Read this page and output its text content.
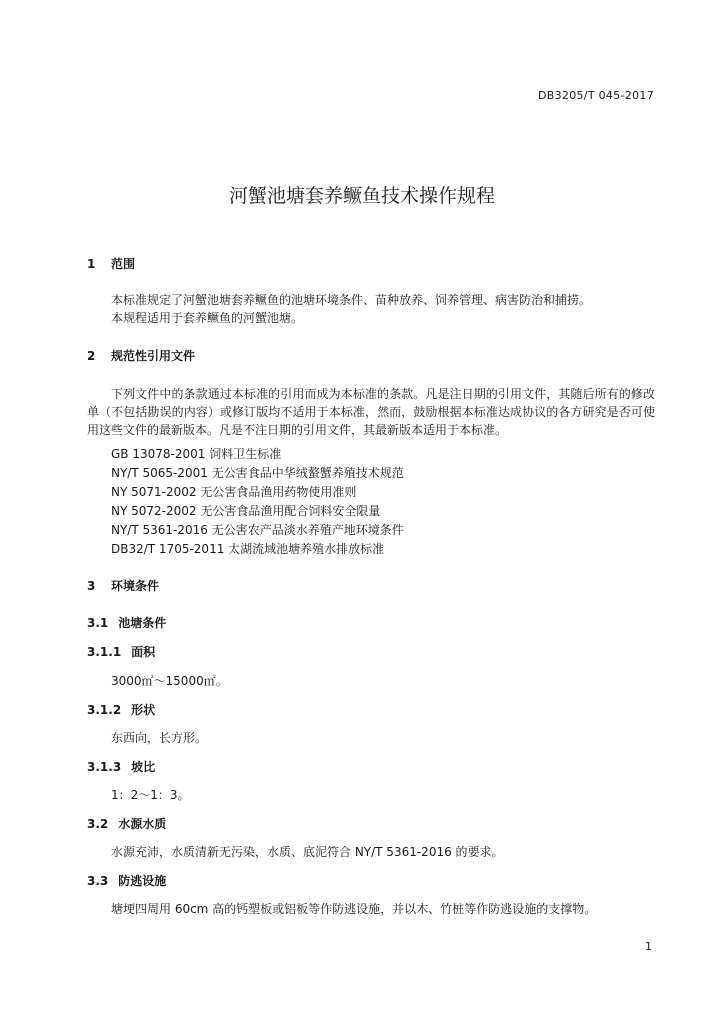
DB3205/T 045-2017
河蟹池塘套养鳜鱼技术操作规程
1 范围
本标准规定了河蟹池塘套养鳜鱼的池塘环境条件、苗种放养、饲养管理、病害防治和捕捞。
本规程适用于套养鳜鱼的河蟹池塘。
2 规范性引用文件
下列文件中的条款通过本标准的引用而成为本标准的条款。凡是注日期的引用文件，其随后所有的修改单（不包括勘误的内容）或修订版均不适用于本标准，然而，鼓励根据本标准达成协议的各方研究是否可使用这些文件的最新版本。凡是不注日期的引用文件，其最新版本适用于本标准。
GB 13078-2001 饲料卫生标准
NY/T 5065-2001 无公害食品中华绒螯蟹养殖技术规范
NY 5071-2002 无公害食品渔用药物使用准则
NY 5072-2002 无公害食品渔用配合饲料安全限量
NY/T 5361-2016 无公害农产品淡水养殖产地环境条件
DB32/T 1705-2011 太湖流域池塘养殖水排放标准
3 环境条件
3.1 池塘条件
3.1.1 面积
3000㎡～15000㎡。
3.1.2 形状
东西向，长方形。
3.1.3 坡比
1：2～1：3。
3.2 水源水质
水源充沛，水质清新无污染，水质、底泥符合 NY/T 5361-2016 的要求。
3.3 防逃设施
塘埂四周用 60cm 高的钙塑板或铝板等作防逃设施，并以木、竹桩等作防逃设施的支撑物。
1
